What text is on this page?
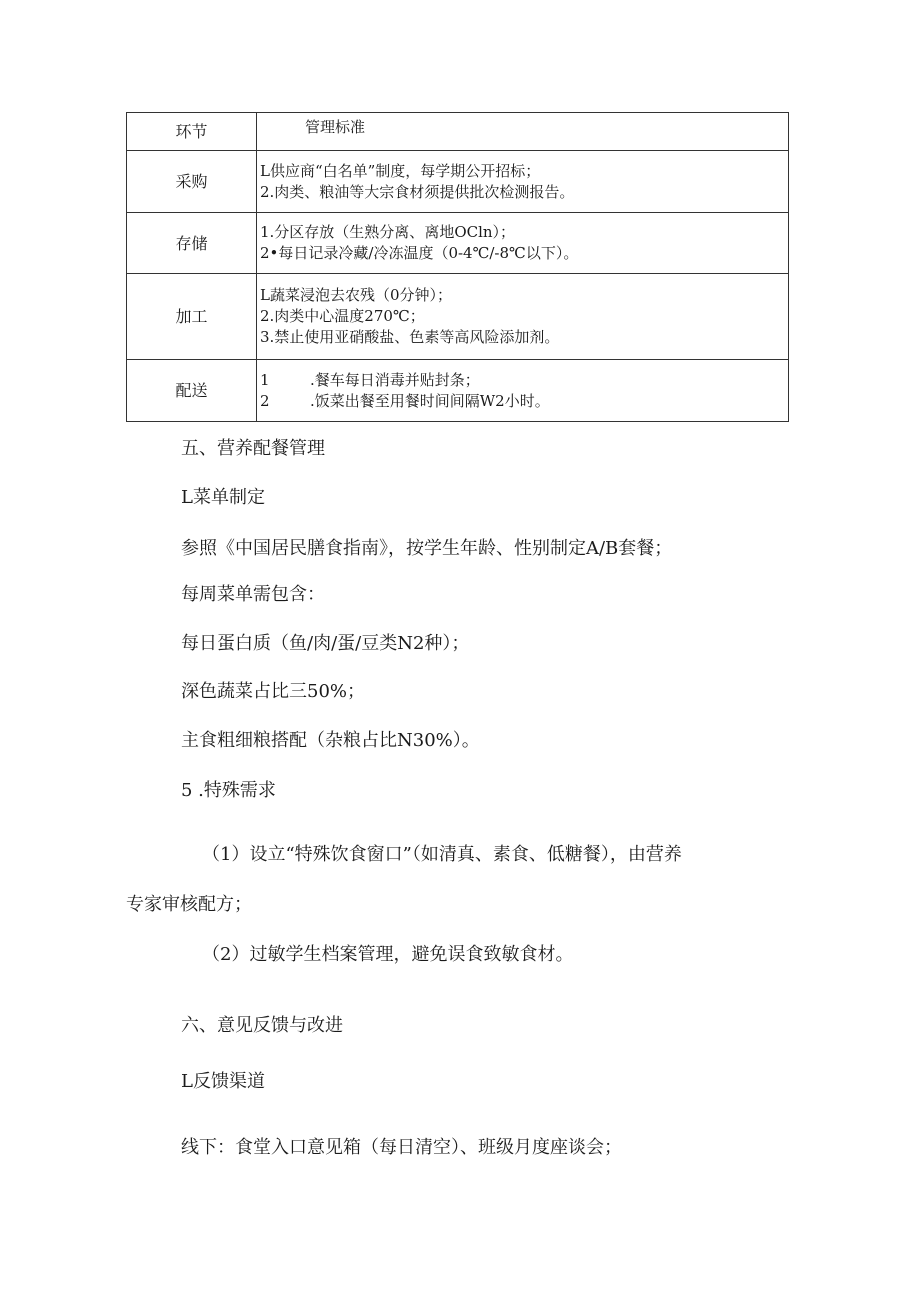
环节	管理标准
采购	L供应商“白名单”制度，每学期公开招标；
2.肉类、粮油等大宗食材须提供批次检测报告。

存储	1.分区存放（生熟分离、离地OCln）；
2•每日记录冷藏/冷冻温度（0-4℃/-8℃以下）。

加工	L蔬菜浸泡去农残（0分钟）；
2.肉类中心温度270℃；
3.禁止使用亚硝酸盐、色素等高风险添加剂。

配送	1 .餐车每日消毒并贴封条；
2 .饭菜出餐至用餐时间间隔W2小时。
五、营养配餐管理
L菜单制定
参照《中国居民膳食指南》，按学生年龄、性别制定A/B套餐；
每周菜单需包含：
每日蛋白质（鱼/肉/蛋/豆类N2种）；
深色蔬菜占比三50%；
主食粗细粮搭配（杂粮占比N30%）。
5 .特殊需求
（1）设立“特殊饮食窗口”（如清真、素食、低糖餐），由营养
专家审核配方；
（2）过敏学生档案管理，避免误食致敏食材。
六、意见反馈与改进
L反馈渠道
线下：食堂入口意见箱（每日清空）、班级月度座谈会；
